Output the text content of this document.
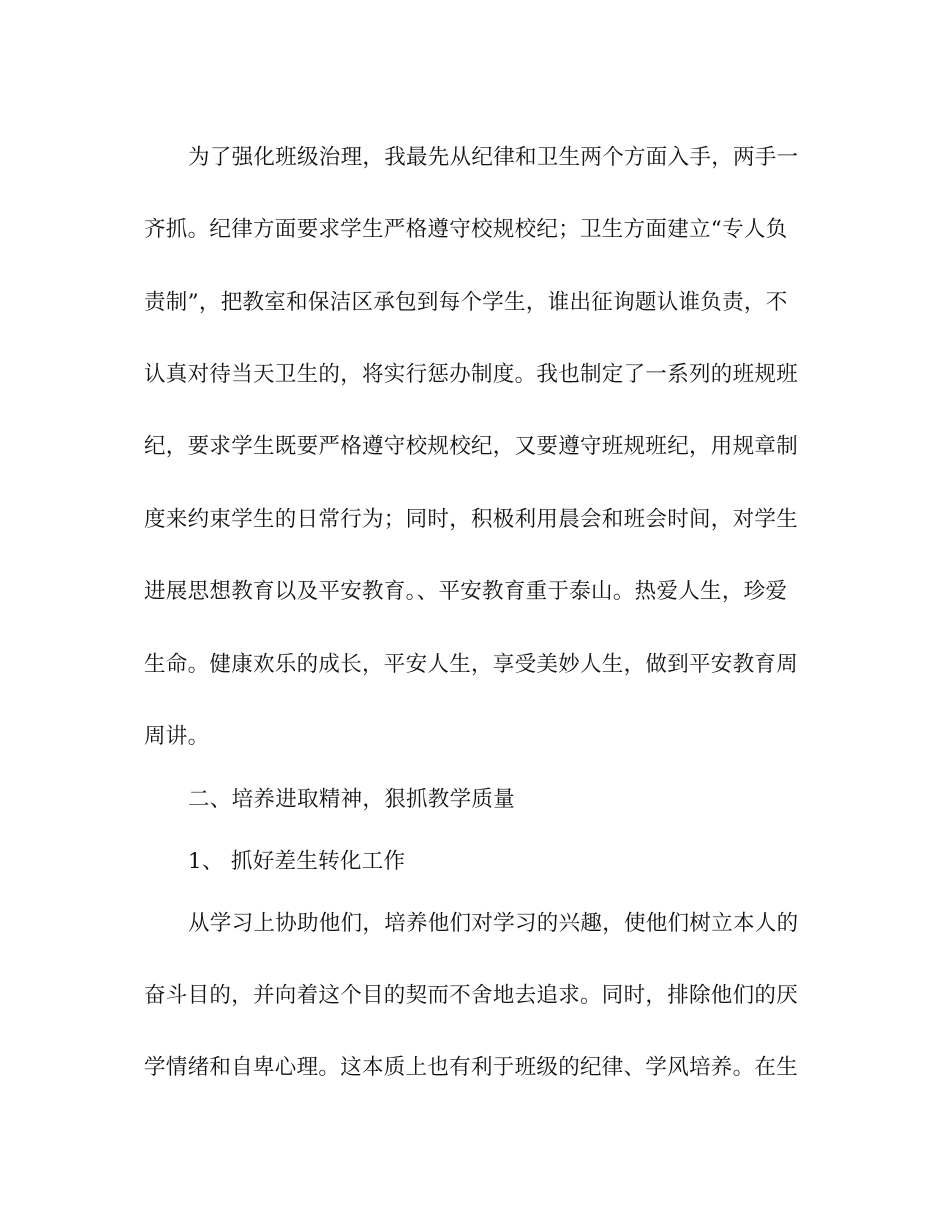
为了强化班级治理，我最先从纪律和卫生两个方面入手，两手一
齐抓。纪律方面要求学生严格遵守校规校纪；卫生方面建立“专人负
责制”，把教室和保洁区承包到每个学生，谁出征询题认谁负责，不
认真对待当天卫生的，将实行惩办制度。我也制定了一系列的班规班
纪，要求学生既要严格遵守校规校纪，又要遵守班规班纪，用规章制
度来约束学生的日常行为；同时，积极利用晨会和班会时间，对学生
进展思想教育以及平安教育。、平安教育重于泰山。热爱人生，珍爱
生命。健康欢乐的成长，平安人生，享受美妙人生，做到平安教育周
周讲。
二、培养进取精神，狠抓教学质量
1、 抓好差生转化工作
从学习上协助他们，培养他们对学习的兴趣，使他们树立本人的
奋斗目的，并向着这个目的契而不舍地去追求。同时，排除他们的厌
学情绪和自卑心理。这本质上也有利于班级的纪律、学风培养。在生
